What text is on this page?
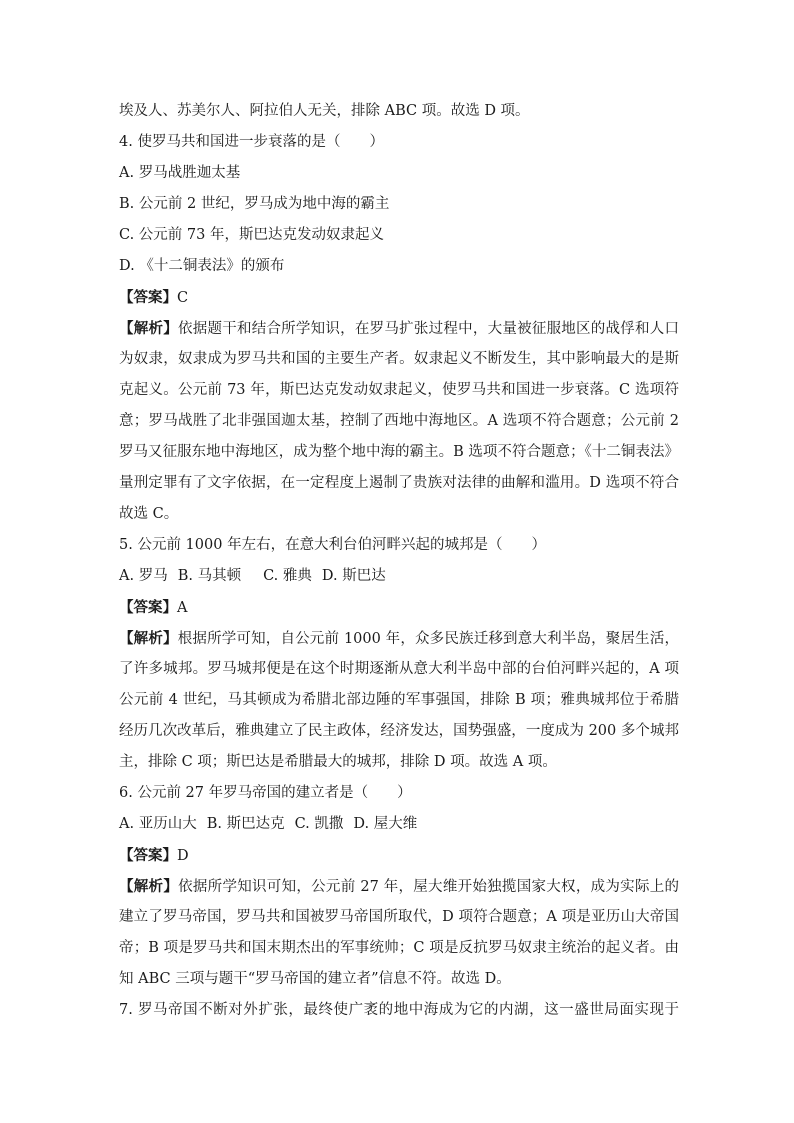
埃及人、苏美尔人、阿拉伯人无关，排除 ABC 项。故选 D 项。
4. 使罗马共和国进一步衰落的是（　　）
A. 罗马战胜迦太基
B. 公元前 2 世纪，罗马成为地中海的霸主
C. 公元前 73 年，斯巴达克发动奴隶起义
D. 《十二铜表法》的颁布
【答案】C
【解析】依据题干和结合所学知识，在罗马扩张过程中，大量被征服地区的战俘和人口
为奴隶，奴隶成为罗马共和国的主要生产者。奴隶起义不断发生，其中影响最大的是斯
克起义。公元前 73 年，斯巴达克发动奴隶起义，使罗马共和国进一步衰落。C 选项符
意；罗马战胜了北非强国迦太基，控制了西地中海地区。A 选项不符合题意；公元前 2
罗马又征服东地中海地区，成为整个地中海的霸主。B 选项不符合题意；《十二铜表法》
量刑定罪有了文字依据，在一定程度上遏制了贵族对法律的曲解和滥用。D 选项不符合
故选 C。
5. 公元前 1000 年左右，在意大利台伯河畔兴起的城邦是（　　）
A. 罗马 B. 马其顿 C. 雅典 D. 斯巴达
【答案】A
【解析】根据所学可知，自公元前 1000 年，众多民族迁移到意大利半岛，聚居生活，
了许多城邦。罗马城邦便是在这个时期逐渐从意大利半岛中部的台伯河畔兴起的，A 项
公元前 4 世纪，马其顿成为希腊北部边陲的军事强国，排除 B 项；雅典城邦位于希腊
经历几次改革后，雅典建立了民主政体，经济发达，国势强盛，一度成为 200 多个城邦
主，排除 C 项；斯巴达是希腊最大的城邦，排除 D 项。故选 A 项。
6. 公元前 27 年罗马帝国的建立者是（　　）
A. 亚历山大 B. 斯巴达克 C. 凯撒 D. 屋大维
【答案】D
【解析】依据所学知识可知，公元前 27 年，屋大维开始独揽国家大权，成为实际上的
建立了罗马帝国，罗马共和国被罗马帝国所取代，D 项符合题意；A 项是亚历山大帝国
帝；B 项是罗马共和国末期杰出的军事统帅；C 项是反抗罗马奴隶主统治的起义者。由
知 ABC 三项与题干“罗马帝国的建立者”信息不符。故选 D。
7. 罗马帝国不断对外扩张，最终使广袤的地中海成为它的内湖，这一盛世局面实现于
